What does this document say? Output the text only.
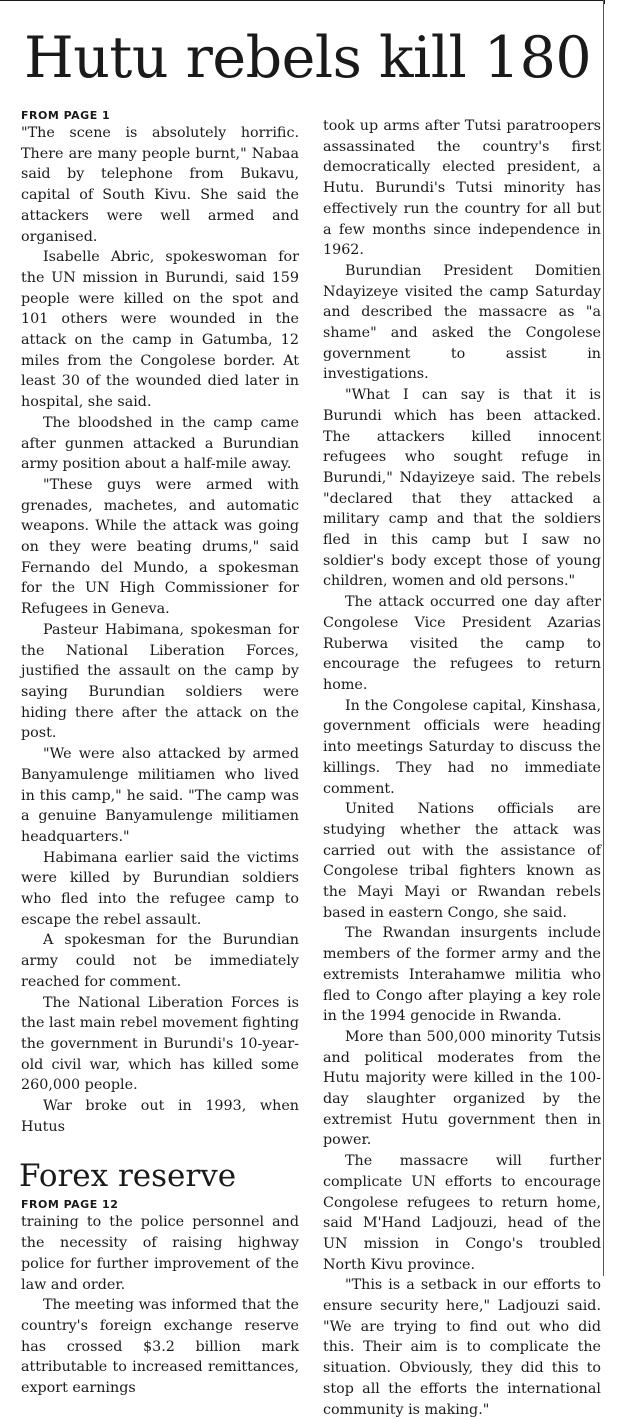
Hutu rebels kill 180
FROM PAGE 1

"The scene is absolutely horrific. There are many people burnt," Nabaa said by telephone from Bukavu, capital of South Kivu. She said the attackers were well armed and organised.

Isabelle Abric, spokeswoman for the UN mission in Burundi, said 159 people were killed on the spot and 101 others were wounded in the attack on the camp in Gatumba, 12 miles from the Congolese border. At least 30 of the wounded died later in hospital, she said.

The bloodshed in the camp came after gunmen attacked a Burundian army position about a half-mile away.

"These guys were armed with grenades, machetes, and automatic weapons. While the attack was going on they were beating drums," said Fernando del Mundo, a spokesman for the UN High Commissioner for Refugees in Geneva.

Pasteur Habimana, spokesman for the National Liberation Forces, justified the assault on the camp by saying Burundian soldiers were hiding there after the attack on the post.

"We were also attacked by armed Banyamulenge militiamen who lived in this camp," he said. "The camp was a genuine Banyamulenge militiamen headquarters."

Habimana earlier said the victims were killed by Burundian soldiers who fled into the refugee camp to escape the rebel assault.

A spokesman for the Burundian army could not be immediately reached for comment.

The National Liberation Forces is the last main rebel movement fighting the government in Burundi's 10-year-old civil war, which has killed some 260,000 people.

War broke out in 1993, when Hutus

Forex reserve
FROM PAGE 12

training to the police personnel and the necessity of raising highway police for further improvement of the law and order.

The meeting was informed that the country's foreign exchange reserve has crossed $3.2 billion mark attributable to increased remittances, export earnings

took up arms after Tutsi paratroopers assassinated the country's first democratically elected president, a Hutu. Burundi's Tutsi minority has effectively run the country for all but a few months since independence in 1962.

Burundian President Domitien Ndayizeye visited the camp Saturday and described the massacre as "a shame" and asked the Congolese government to assist in investigations.

"What I can say is that it is Burundi which has been attacked. The attackers killed innocent refugees who sought refuge in Burundi," Ndayizeye said. The rebels "declared that they attacked a military camp and that the soldiers fled in this camp but I saw no soldier's body except those of young children, women and old persons."

The attack occurred one day after Congolese Vice President Azarias Ruberwa visited the camp to encourage the refugees to return home.

In the Congolese capital, Kinshasa, government officials were heading into meetings Saturday to discuss the killings. They had no immediate comment.

United Nations officials are studying whether the attack was carried out with the assistance of Congolese tribal fighters known as the Mayi Mayi or Rwandan rebels based in eastern Congo, she said.

The Rwandan insurgents include members of the former army and the extremists Interahamwe militia who fled to Congo after playing a key role in the 1994 genocide in Rwanda.

More than 500,000 minority Tutsis and political moderates from the Hutu majority were killed in the 100-day slaughter organized by the extremist Hutu government then in power.

The massacre will further complicate UN efforts to encourage Congolese refugees to return home, said M'Hand Ladjouzi, head of the UN mission in Congo's troubled North Kivu province.

"This is a setback in our efforts to ensure security here," Ladjouzi said. "We are trying to find out who did this. Their aim is to complicate the situation. Obviously, they did this to stop all the efforts the international community is making."
